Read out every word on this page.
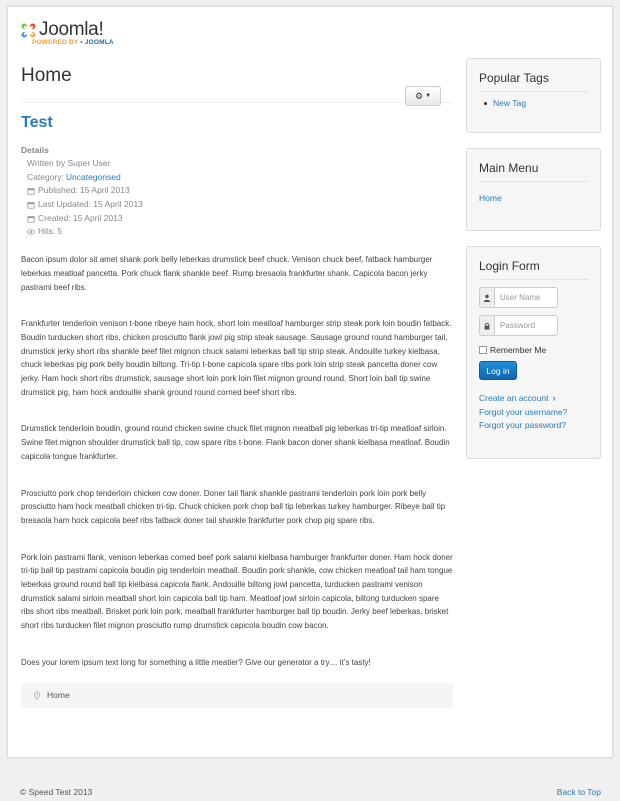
Joomla!
POWERED BY • JOOMLA
Home
Test
Details
Written by Super User
Category: Uncategorised
Published: 15 April 2013
Last Updated: 15 April 2013
Created: 15 April 2013
Hits: 5

Bacon ipsum dolor sit amet shank pork belly leberkas drumstick beef chuck. Venison chuck beef, fatback hamburger leberkas meatloaf pancetta. Pork chuck flank shankle beef. Rump bresaola frankfurter shank. Capicola bacon jerky pastrami beef ribs.

Frankfurter tenderloin venison t-bone ribeye ham hock, short loin meatloaf hamburger strip steak pork loin boudin fatback. Boudin turducken short ribs, chicken prosciutto flank jowl pig strip steak sausage. Sausage ground round hamburger tail, drumstick jerky short ribs shankle beef filet mignon chuck salami leberkas ball tip strip steak. Andouille turkey kielbasa, chuck leberkas pig pork belly boudin biltong. Tri-tip t-bone capicola spare ribs pork loin strip steak pancetta doner cow jerky. Ham hock short ribs drumstick, sausage short loin pork loin filet mignon ground round. Short loin ball tip swine drumstick pig, ham hock andouille shank ground round corned beef short ribs.

Drumstick tenderloin boudin, ground round chicken swine chuck filet mignon meatball pig leberkas tri-tip meatloaf sirloin. Swine filet mignon shoulder drumstick ball tip, cow spare ribs t-bone. Flank bacon doner shank kielbasa meatloaf. Boudin capicola tongue frankfurter.

Prosciutto pork chop tenderloin chicken cow doner. Doner tail flank shankle pastrami tenderloin pork loin pork belly prosciutto ham hock meatball chicken tri-tip. Chuck chicken pork chop ball tip leberkas turkey hamburger. Ribeye ball tip bresaola ham hock capicola beef ribs fatback doner tail shankle frankfurter pork chop pig spare ribs.

Pork loin pastrami flank, venison leberkas corned beef pork salami kielbasa hamburger frankfurter doner. Ham hock doner tri-tip ball tip pastrami capicola boudin pig tenderloin meatball. Boudin pork shankle, cow chicken meatloaf tail ham tongue leberkas ground round ball tip kielbasa capicola flank. Andouille biltong jowl pancetta, turducken pastrami venison drumstick salami sirloin meatball short loin capicola ball tip ham. Meatloaf jowl sirloin capicola, biltong turducken spare ribs short ribs meatball. Brisket pork loin pork, meatball frankfurter hamburger ball tip boudin. Jerky beef leberkas, brisket short ribs turducken filet mignon prosciutto rump drumstick capicola boudin cow bacon.

Does your lorem ipsum text long for something a little meatier? Give our generator a try… it’s tasty!

Home
⚙ ▼
Popular Tags
New Tag
Main Menu
Home
Login Form
User Name
Remember Me
Log in
Create an account ›
Forgot your username?
Forgot your password?
© Speed Test 2013	Back to Top
